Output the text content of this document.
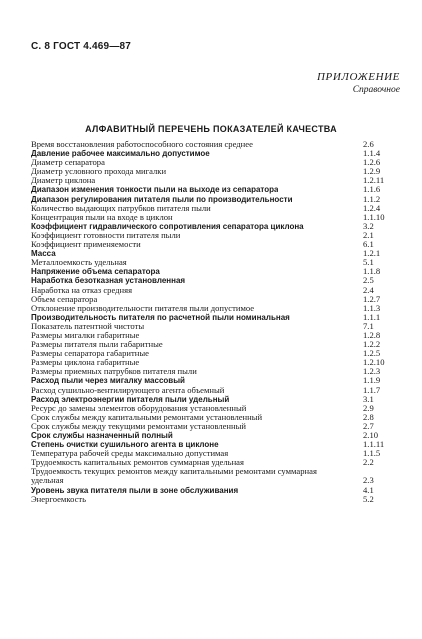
С. 8 ГОСТ 4.469—87
ПРИЛОЖЕНИЕ
Справочное
АЛФАВИТНЫЙ ПЕРЕЧЕНЬ ПОКАЗАТЕЛЕЙ КАЧЕСТВА
Время восстановления работоспособного состояния среднее	2.6
Давление рабочее максимально допустимое	1.1.4
Диаметр сепаратора	1.2.6
Диаметр условного прохода мигалки	1.2.9
Диаметр циклона	1.2.11
Диапазон изменения тонкости пыли на выходе из сепаратора	1.1.6
Диапазон регулирования питателя пыли по производительности	1.1.2
Количество выдающих патрубков питателя пыли	1.2.4
Концентрация пыли на входе в циклон	1.1.10
Коэффициент гидравлического сопротивления сепаратора циклона	3.2
Коэффициент готовности питателя пыли	2.1
Коэффициент применяемости	6.1
Масса	1.2.1
Металлоемкость удельная	5.1
Напряжение объема сепаратора	1.1.8
Наработка безотказная установленная	2.5
Наработка на отказ средняя	2.4
Объем сепаратора	1.2.7
Отклонение производительности питателя пыли допустимое	1.1.3
Производительность питателя по расчетной пыли номинальная	1.1.1
Показатель патентной чистоты	7.1
Размеры мигалки габаритные	1.2.8
Размеры питателя пыли габаритные	1.2.2
Размеры сепаратора габаритные	1.2.5
Размеры циклона габаритные	1.2.10
Размеры приемных патрубков питателя пыли	1.2.3
Расход пыли через мигалку массовый	1.1.9
Расход сушильно-вентилирующего агента объемный	1.1.7
Расход электроэнергии питателя пыли удельный	3.1
Ресурс до замены элементов оборудования установленный	2.9
Срок службы между капитальными ремонтами установленный	2.8
Срок службы между текущими ремонтами установленный	2.7
Срок службы назначенный полный	2.10
Степень очистки сушильного агента в циклоне	1.1.11
Температура рабочей среды максимально допустимая	1.1.5
Трудоемкость капитальных ремонтов суммарная удельная	2.2
Трудоемкость текущих ремонтов между капитальными ремонтами суммарная удельная	2.3
Уровень звука питателя пыли в зоне обслуживания	4.1
Энергоемкость	5.2
